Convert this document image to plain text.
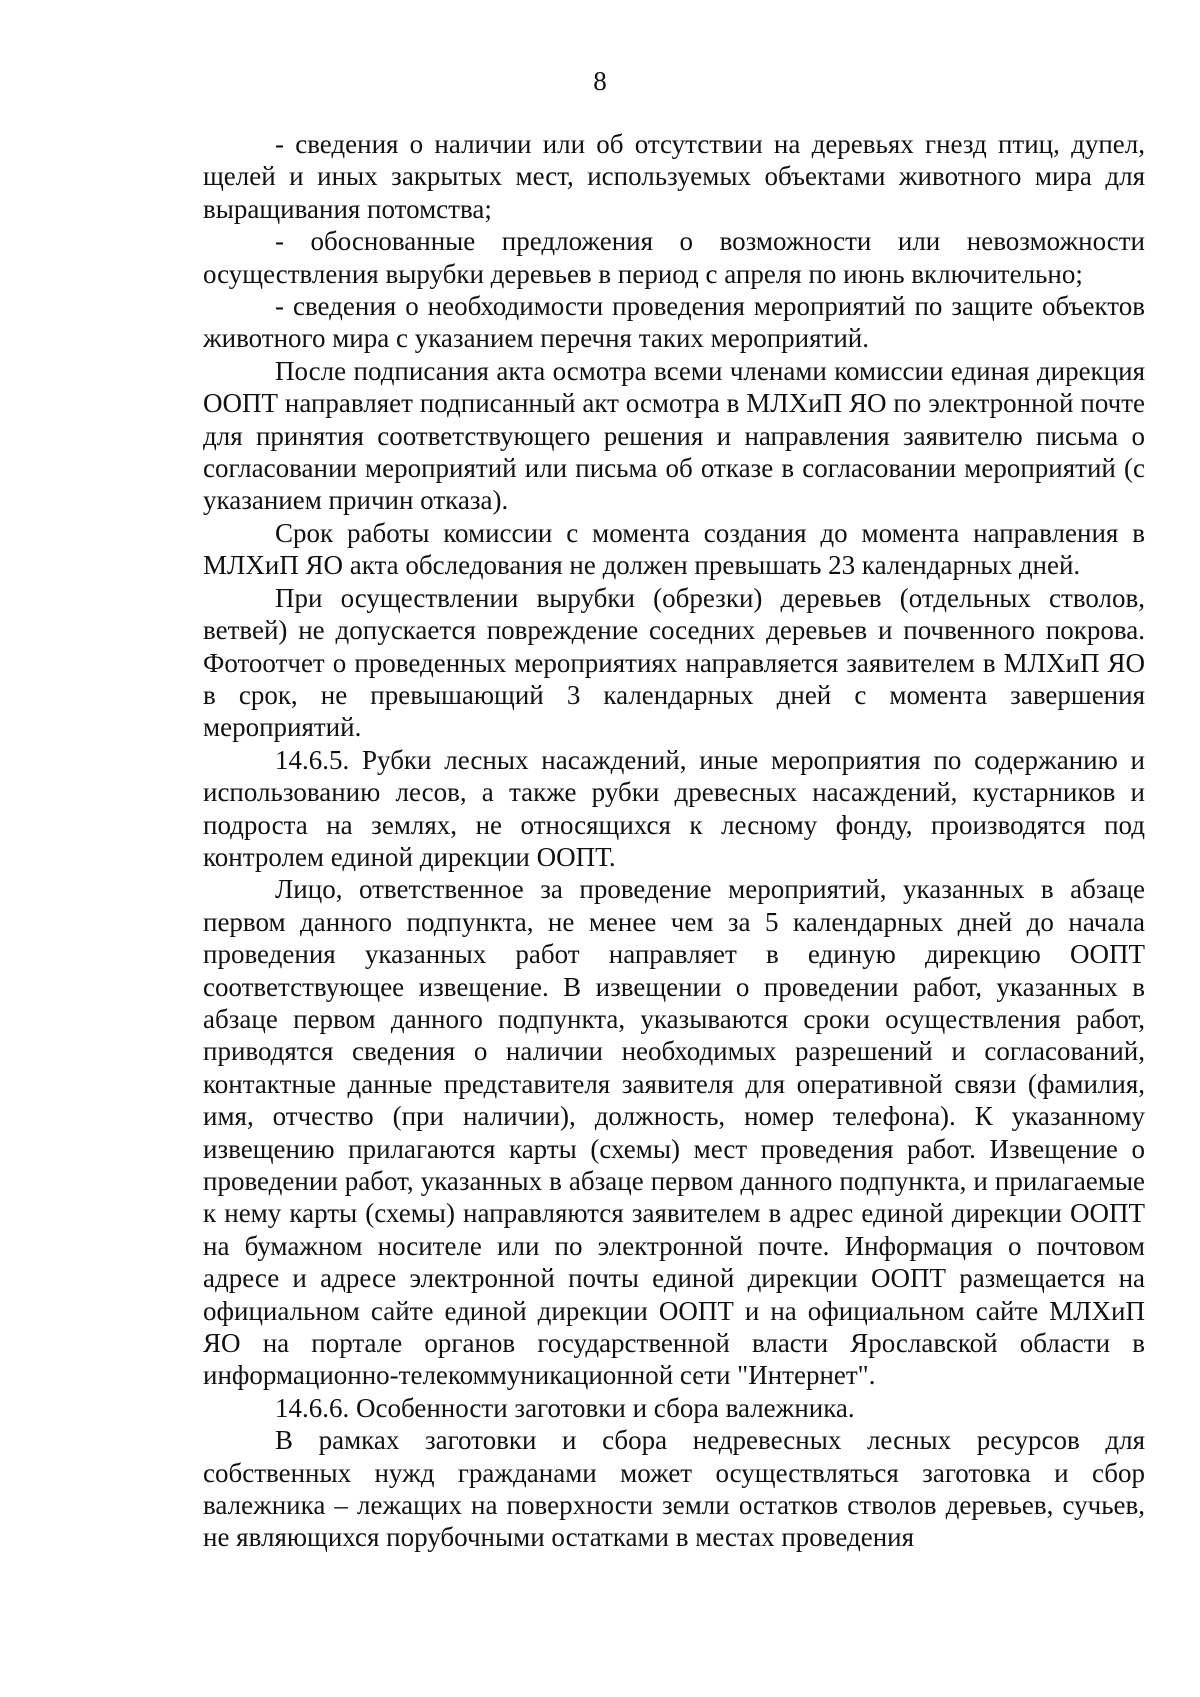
8

- сведения о наличии или об отсутствии на деревьях гнезд птиц, дупел, щелей и иных закрытых мест, используемых объектами животного мира для выращивания потомства;

- обоснованные предложения о возможности или невозможности осуществления вырубки деревьев в период с апреля по июнь включительно;

- сведения о необходимости проведения мероприятий по защите объектов животного мира с указанием перечня таких мероприятий.

После подписания акта осмотра всеми членами комиссии единая дирекция ООПТ направляет подписанный акт осмотра в МЛХиП ЯО по электронной почте для принятия соответствующего решения и направления заявителю письма о согласовании мероприятий или письма об отказе в согласовании мероприятий (с указанием причин отказа).

Срок работы комиссии с момента создания до момента направления в МЛХиП ЯО акта обследования не должен превышать 23 календарных дней.

При осуществлении вырубки (обрезки) деревьев (отдельных стволов, ветвей) не допускается повреждение соседних деревьев и почвенного покрова. Фотоотчет о проведенных мероприятиях направляется заявителем в МЛХиП ЯО в срок, не превышающий 3 календарных дней с момента завершения мероприятий.

14.6.5. Рубки лесных насаждений, иные мероприятия по содержанию и использованию лесов, а также рубки древесных насаждений, кустарников и подроста на землях, не относящихся к лесному фонду, производятся под контролем единой дирекции ООПТ.

Лицо, ответственное за проведение мероприятий, указанных в абзаце первом данного подпункта, не менее чем за 5 календарных дней до начала проведения указанных работ направляет в единую дирекцию ООПТ соответствующее извещение. В извещении о проведении работ, указанных в абзаце первом данного подпункта, указываются сроки осуществления работ, приводятся сведения о наличии необходимых разрешений и согласований, контактные данные представителя заявителя для оперативной связи (фамилия, имя, отчество (при наличии), должность, номер телефона). К указанному извещению прилагаются карты (схемы) мест проведения работ. Извещение о проведении работ, указанных в абзаце первом данного подпункта, и прилагаемые к нему карты (схемы) направляются заявителем в адрес единой дирекции ООПТ на бумажном носителе или по электронной почте. Информация о почтовом адресе и адресе электронной почты единой дирекции ООПТ размещается на официальном сайте единой дирекции ООПТ и на официальном сайте МЛХиП ЯО на портале органов государственной власти Ярославской области в информационно-телекоммуникационной сети "Интернет".

14.6.6. Особенности заготовки и сбора валежника.

В рамках заготовки и сбора недревесных лесных ресурсов для собственных нужд гражданами может осуществляться заготовка и сбор валежника – лежащих на поверхности земли остатков стволов деревьев, сучьев, не являющихся порубочными остатками в местах проведения
